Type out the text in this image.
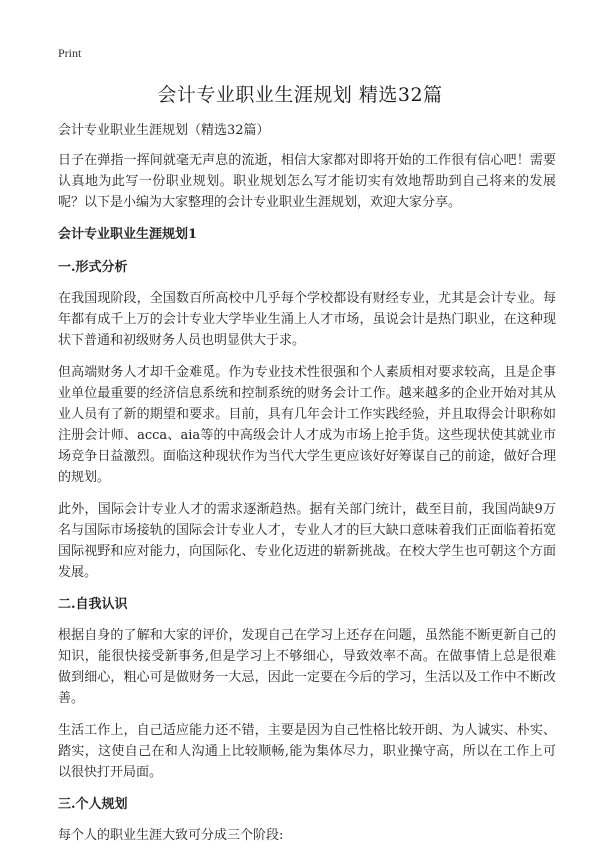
Print
会计专业职业生涯规划 精选32篇

会计专业职业生涯规划（精选32篇）

日子在弹指一挥间就毫无声息的流逝，相信大家都对即将开始的工作很有信心吧！需要认真地为此写一份职业规划。职业规划怎么写才能切实有效地帮助到自己将来的发展呢？以下是小编为大家整理的会计专业职业生涯规划，欢迎大家分享。

会计专业职业生涯规划1

一.形式分析

在我国现阶段，全国数百所高校中几乎每个学校都设有财经专业，尤其是会计专业。每年都有成千上万的会计专业大学毕业生涌上人才市场，虽说会计是热门职业，在这种现状下普通和初级财务人员也明显供大于求。

但高端财务人才却千金难觅。作为专业技术性很强和个人素质相对要求较高，且是企事业单位最重要的经济信息系统和控制系统的财务会计工作。越来越多的企业开始对其从业人员有了新的期望和要求。目前，具有几年会计工作实践经验，并且取得会计职称如注册会计师、acca、aia等的中高级会计人才成为市场上抢手货。这些现状使其就业市场竞争日益激烈。面临这种现状作为当代大学生更应该好好筹谋自己的前途，做好合理的规划。

此外，国际会计专业人才的需求逐渐趋热。据有关部门统计，截至目前，我国尚缺9万名与国际市场接轨的国际会计专业人才，专业人才的巨大缺口意味着我们正面临着拓宽国际视野和应对能力，向国际化、专业化迈进的崭新挑战。在校大学生也可朝这个方面发展。

二.自我认识

根据自身的了解和大家的评价，发现自己在学习上还存在问题，虽然能不断更新自己的知识，能很快接受新事务,但是学习上不够细心，导致效率不高。在做事情上总是很难做到细心，粗心可是做财务一大忌，因此一定要在今后的学习，生活以及工作中不断改善。

生活工作上，自己适应能力还不错，主要是因为自己性格比较开朗、为人诚实、朴实、踏实，这使自己在和人沟通上比较顺畅,能为集体尽力，职业操守高，所以在工作上可以很快打开局面。

三.个人规划

每个人的职业生涯大致可分成三个阶段:
